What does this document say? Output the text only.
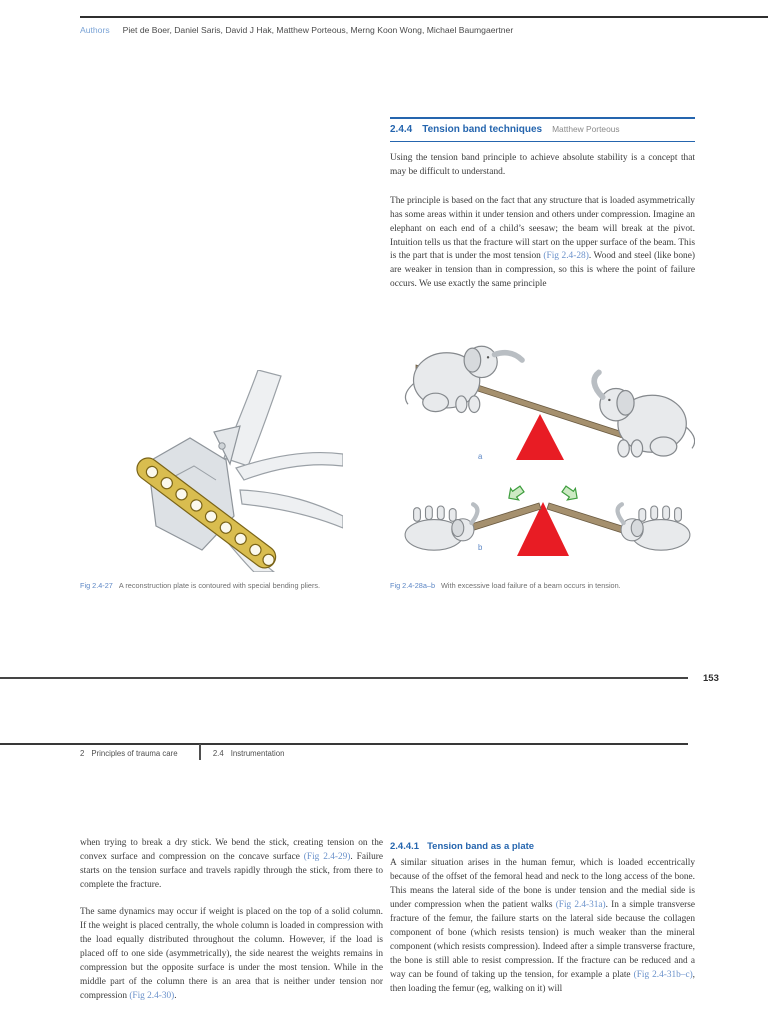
Authors Piet de Boer, Daniel Saris, David J Hak, Matthew Porteous, Merng Koon Wong, Michael Baumgaertner
2.4.4 Tension band techniques Matthew Porteous

Using the tension band principle to achieve absolute stability is a concept that may be difficult to understand.

The principle is based on the fact that any structure that is loaded asymmetrically has some areas within it under tension and others under compression. Imagine an elephant on each end of a child’s seesaw; the beam will break at the pivot. Intuition tells us that the fracture will start on the upper surface of the beam. This is the part that is under the most tension (Fig 2.4-28). Wood and steel (like bone) are weaker in tension than in compression, so this is where the point of failure occurs. We use exactly the same principle

a
b
Fig 2.4-27 A reconstruction plate is contoured with special bending pliers.	Fig 2.4-28a–b With excessive load failure of a beam occurs in tension.
153
2 Principles of trauma care	2.4 Instrumentation

when trying to break a dry stick. We bend the stick, creating tension on the convex surface and compression on the concave surface (Fig 2.4-29). Failure starts on the tension surface and travels rapidly through the stick, from there to complete the fracture.

The same dynamics may occur if weight is placed on the top of a solid column. If the weight is placed centrally, the whole column is loaded in compression with the load equally distributed throughout the column. However, if the load is placed off to one side (asymmetrically), the side nearest the weights remains in compression but the opposite surface is under the most tension. While in the middle part of the column there is an area that is neither under tension nor compression (Fig 2.4-30).

2.4.4.1 Tension band as a plate

A similar situation arises in the human femur, which is loaded eccentrically because of the offset of the femoral head and neck to the long access of the bone. This means the lateral side of the bone is under tension and the medial side is under compression when the patient walks (Fig 2.4-31a). In a simple transverse fracture of the femur, the failure starts on the lateral side because the collagen component of bone (which resists tension) is much weaker than the mineral component (which resists compression). Indeed after a simple transverse fracture, the bone is still able to resist compression. If the fracture can be reduced and a way can be found of taking up the tension, for example a plate (Fig 2.4-31b–c), then loading the femur (eg, walking on it) will
